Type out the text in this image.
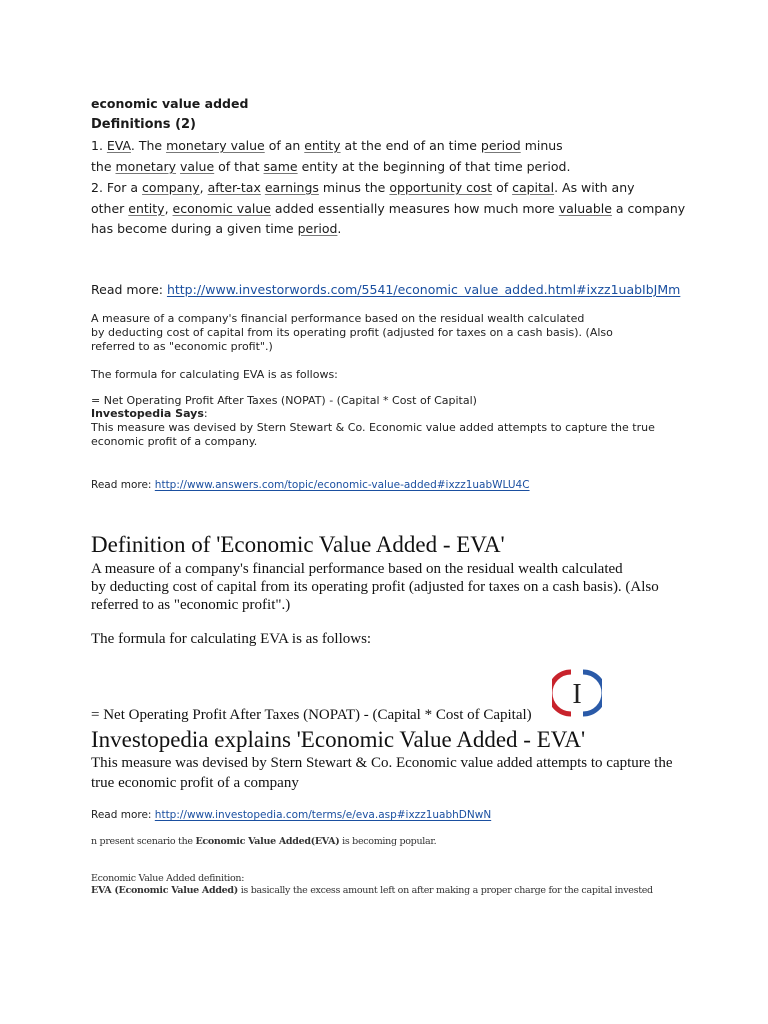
economic value added
Definitions (2)
1. EVA. The monetary value of an entity at the end of an time period minus
the monetary value of that same entity at the beginning of that time period.
2. For a company, after-tax earnings minus the opportunity cost of capital. As with any
other entity, economic value added essentially measures how much more valuable a company
has become during a given time period.
Read more: http://www.investorwords.com/5541/economic_value_added.html#ixzz1uabIbJMm
A measure of a company's financial performance based on the residual wealth calculated
by deducting cost of capital from its operating profit (adjusted for taxes on a cash basis). (Also
referred to as "economic profit".)
The formula for calculating EVA is as follows:
= Net Operating Profit After Taxes (NOPAT) - (Capital * Cost of Capital)
Investopedia Says:
This measure was devised by Stern Stewart & Co. Economic value added attempts to capture the true
economic profit of a company.
Read more: http://www.answers.com/topic/economic-value-added#ixzz1uabWLU4C
Definition of 'Economic Value Added - EVA'
A measure of a company's financial performance based on the residual wealth calculated
by deducting cost of capital from its operating profit (adjusted for taxes on a cash basis). (Also
referred to as "economic profit".)
The formula for calculating EVA is as follows:
I
= Net Operating Profit After Taxes (NOPAT) - (Capital * Cost of Capital)
Investopedia explains 'Economic Value Added - EVA'
This measure was devised by Stern Stewart & Co. Economic value added attempts to capture the
true economic profit of a company
Read more: http://www.investopedia.com/terms/e/eva.asp#ixzz1uabhDNwN
n present scenario the Economic Value Added(EVA) is becoming popular.
Economic Value Added definition:
EVA (Economic Value Added) is basically the excess amount left on after making a proper charge for the capital invested
